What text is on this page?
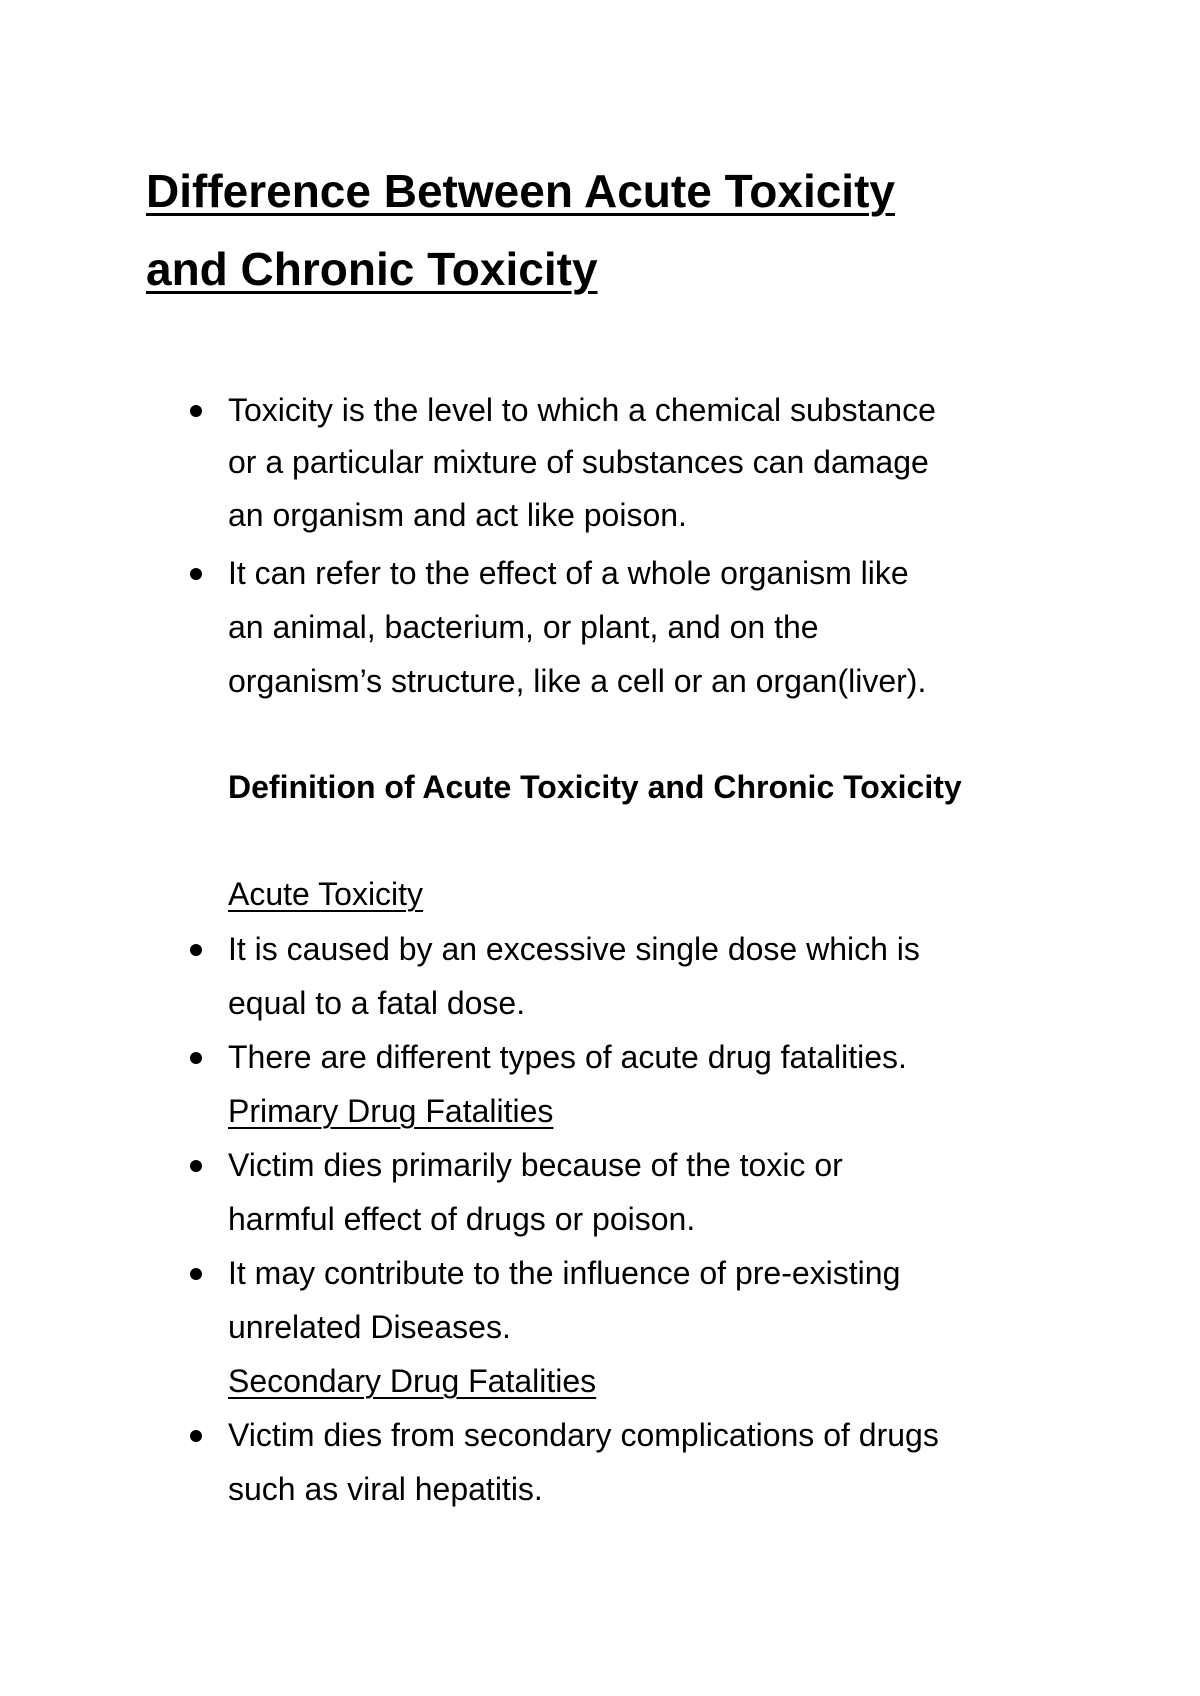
Difference Between Acute Toxicity
and Chronic Toxicity
Toxicity is the level to which a chemical substance
or a particular mixture of substances can damage
an organism and act like poison.
It can refer to the effect of a whole organism like
an animal, bacterium, or plant, and on the
organism’s structure, like a cell or an organ(liver).
Definition of Acute Toxicity and Chronic Toxicity
Acute Toxicity
It is caused by an excessive single dose which is
equal to a fatal dose.
There are different types of acute drug fatalities.
Primary Drug Fatalities
Victim dies primarily because of the toxic or
harmful effect of drugs or poison.
It may contribute to the influence of pre-existing
unrelated Diseases.
Secondary Drug Fatalities
Victim dies from secondary complications of drugs
such as viral hepatitis.
